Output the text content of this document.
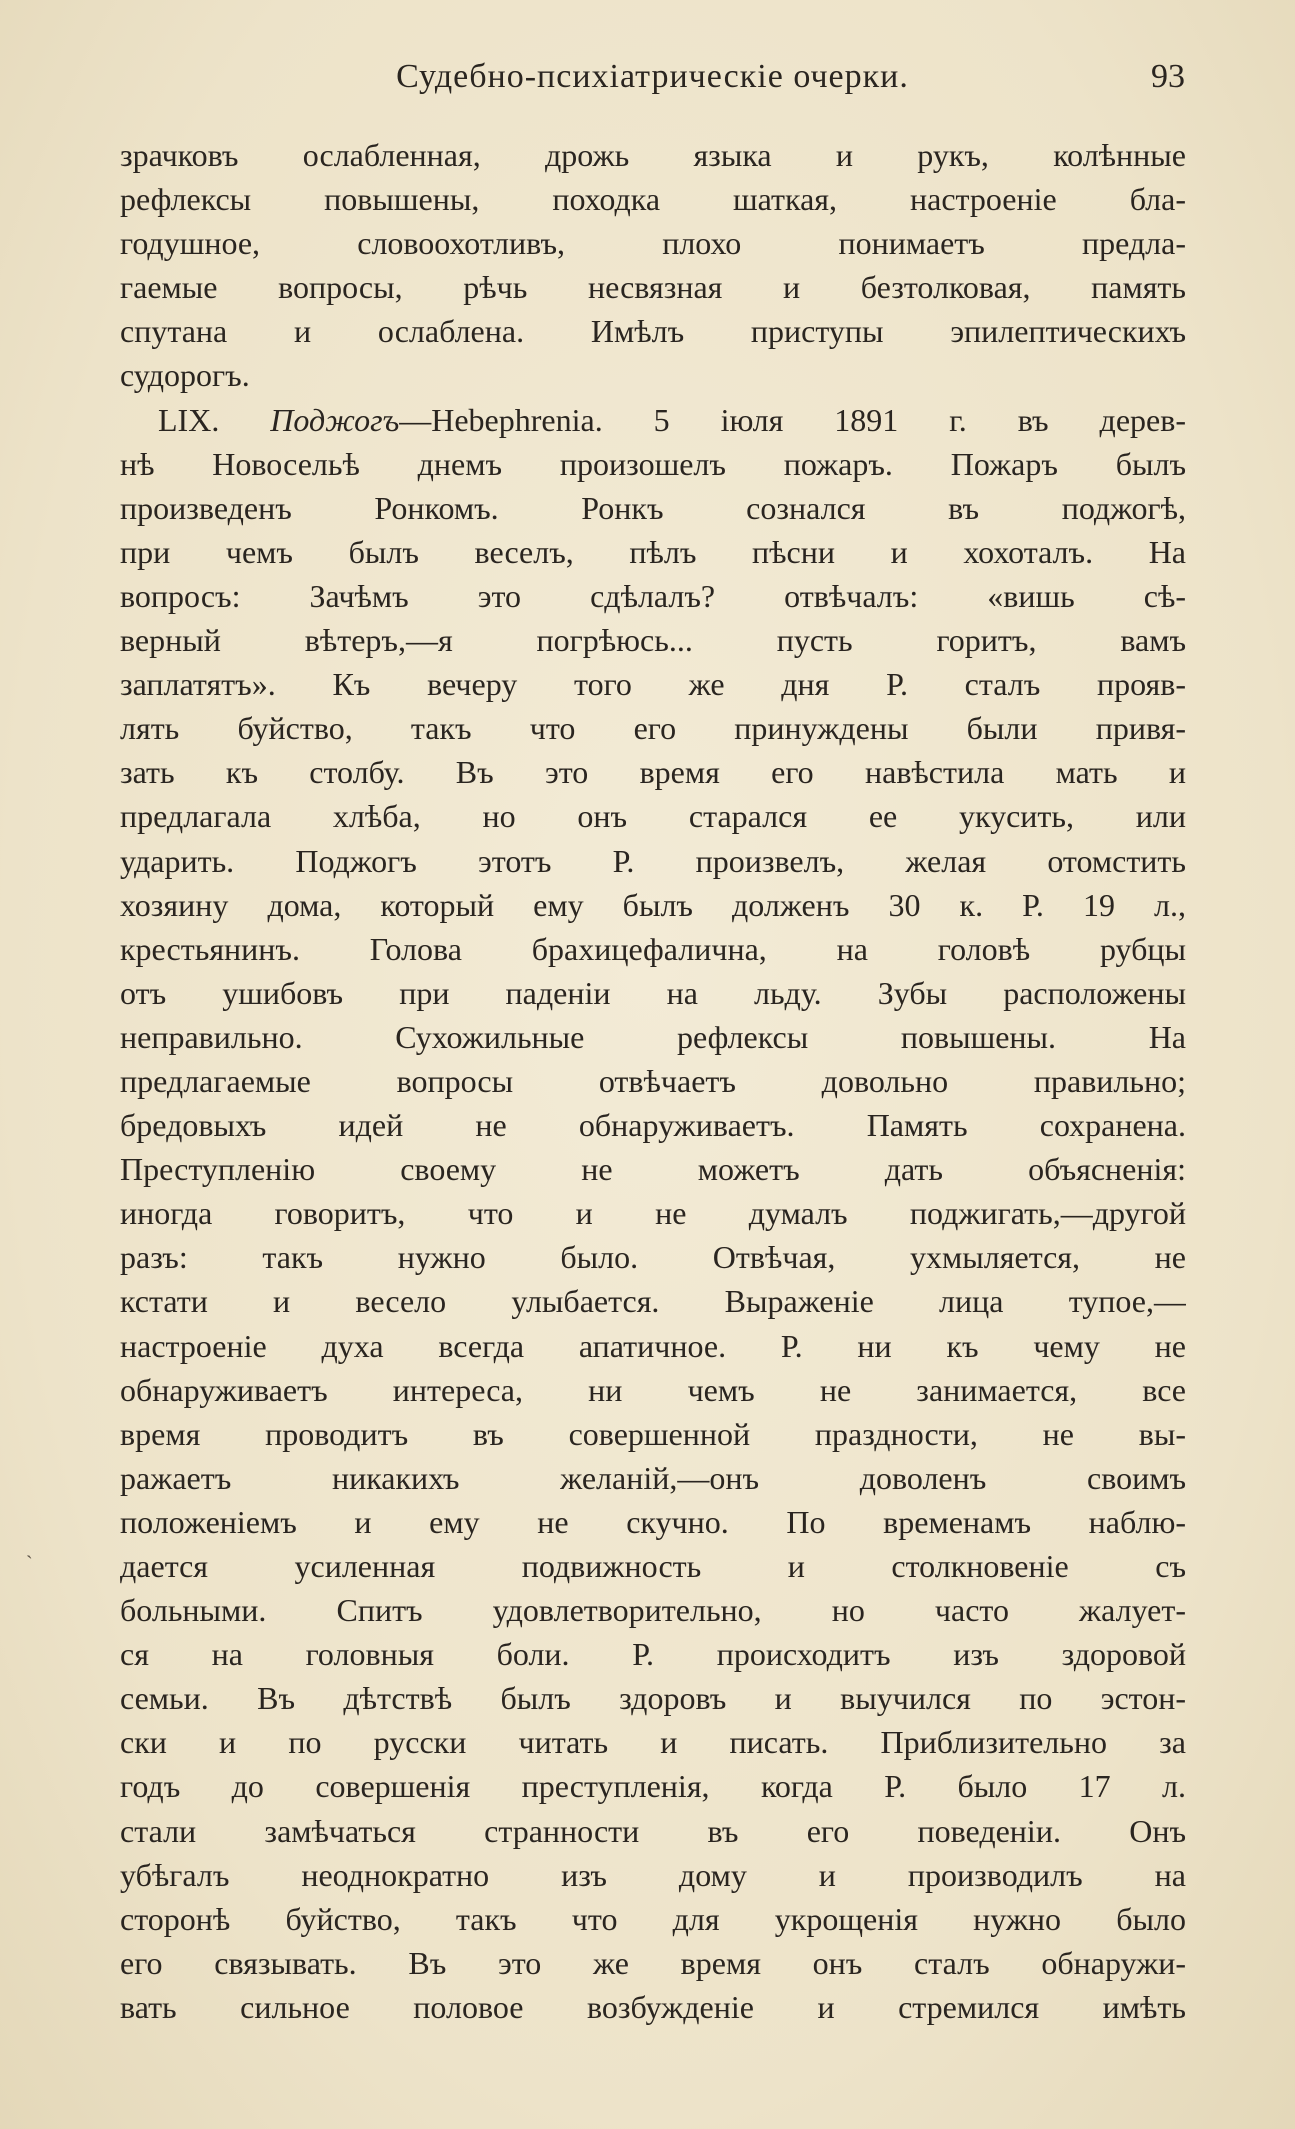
Судебно-психіатрическіе очерки.	93
ˎ
зрачковъ ослабленная, дрожь языка и рукъ, колѣнные
рефлексы повышены, походка шаткая, настроеніе бла-
годушное, словоохотливъ, плохо понимаетъ предла-
гаемые вопросы, рѣчь несвязная и безтолковая, память
спутана и ослаблена. Имѣлъ приступы эпилептическихъ
судорогъ.
LIX. Поджогъ—Hebephrenia. 5 іюля 1891 г. въ дерев-
нѣ Новосельѣ днемъ произошелъ пожаръ. Пожаръ былъ
произведенъ Ронкомъ. Ронкъ сознался въ поджогѣ,
при чемъ былъ веселъ, пѣлъ пѣсни и хохоталъ. На
вопросъ: Зачѣмъ это сдѣлалъ? отвѣчалъ: «вишь сѣ-
верный вѣтеръ,—я погрѣюсь... пусть горитъ, вамъ
заплатятъ». Къ вечеру того же дня Р. сталъ прояв-
лять буйство, такъ что его принуждены были привя-
зать къ столбу. Въ это время его навѣстила мать и
предлагала хлѣба, но онъ старался ее укусить, или
ударить. Поджогъ этотъ Р. произвелъ, желая отомстить
хозяину дома, который ему былъ долженъ 30 к. Р. 19 л.,
крестьянинъ. Голова брахицефалична, на головѣ рубцы
отъ ушибовъ при паденіи на льду. Зубы расположены
неправильно. Сухожильные рефлексы повышены. На
предлагаемые вопросы отвѣчаетъ довольно правильно;
бредовыхъ идей не обнаруживаетъ. Память сохранена.
Преступленію своему не можетъ дать объясненія:
иногда говоритъ, что и не думалъ поджигать,—другой
разъ: такъ нужно было. Отвѣчая, ухмыляется, не
кстати и весело улыбается. Выраженіе лица тупое,—
настроеніе духа всегда апатичное. Р. ни къ чему не
обнаруживаетъ интереса, ни чемъ не занимается, все
время проводитъ въ совершенной праздности, не вы-
ражаетъ никакихъ желаній,—онъ доволенъ своимъ
положеніемъ и ему не скучно. По временамъ наблю-
дается усиленная подвижность и столкновеніе съ
больными. Спитъ удовлетворительно, но часто жалует-
ся на головныя боли. Р. происходитъ изъ здоровой
семьи. Въ дѣтствѣ былъ здоровъ и выучился по эстон-
ски и по русски читать и писать. Приблизительно за
годъ до совершенія преступленія, когда Р. было 17 л.
стали замѣчаться странности въ его поведеніи. Онъ
убѣгалъ неоднократно изъ дому и производилъ на
сторонѣ буйство, такъ что для укрощенія нужно было
его связывать. Въ это же время онъ сталъ обнаружи-
вать сильное половое возбужденіе и стремился имѣть
